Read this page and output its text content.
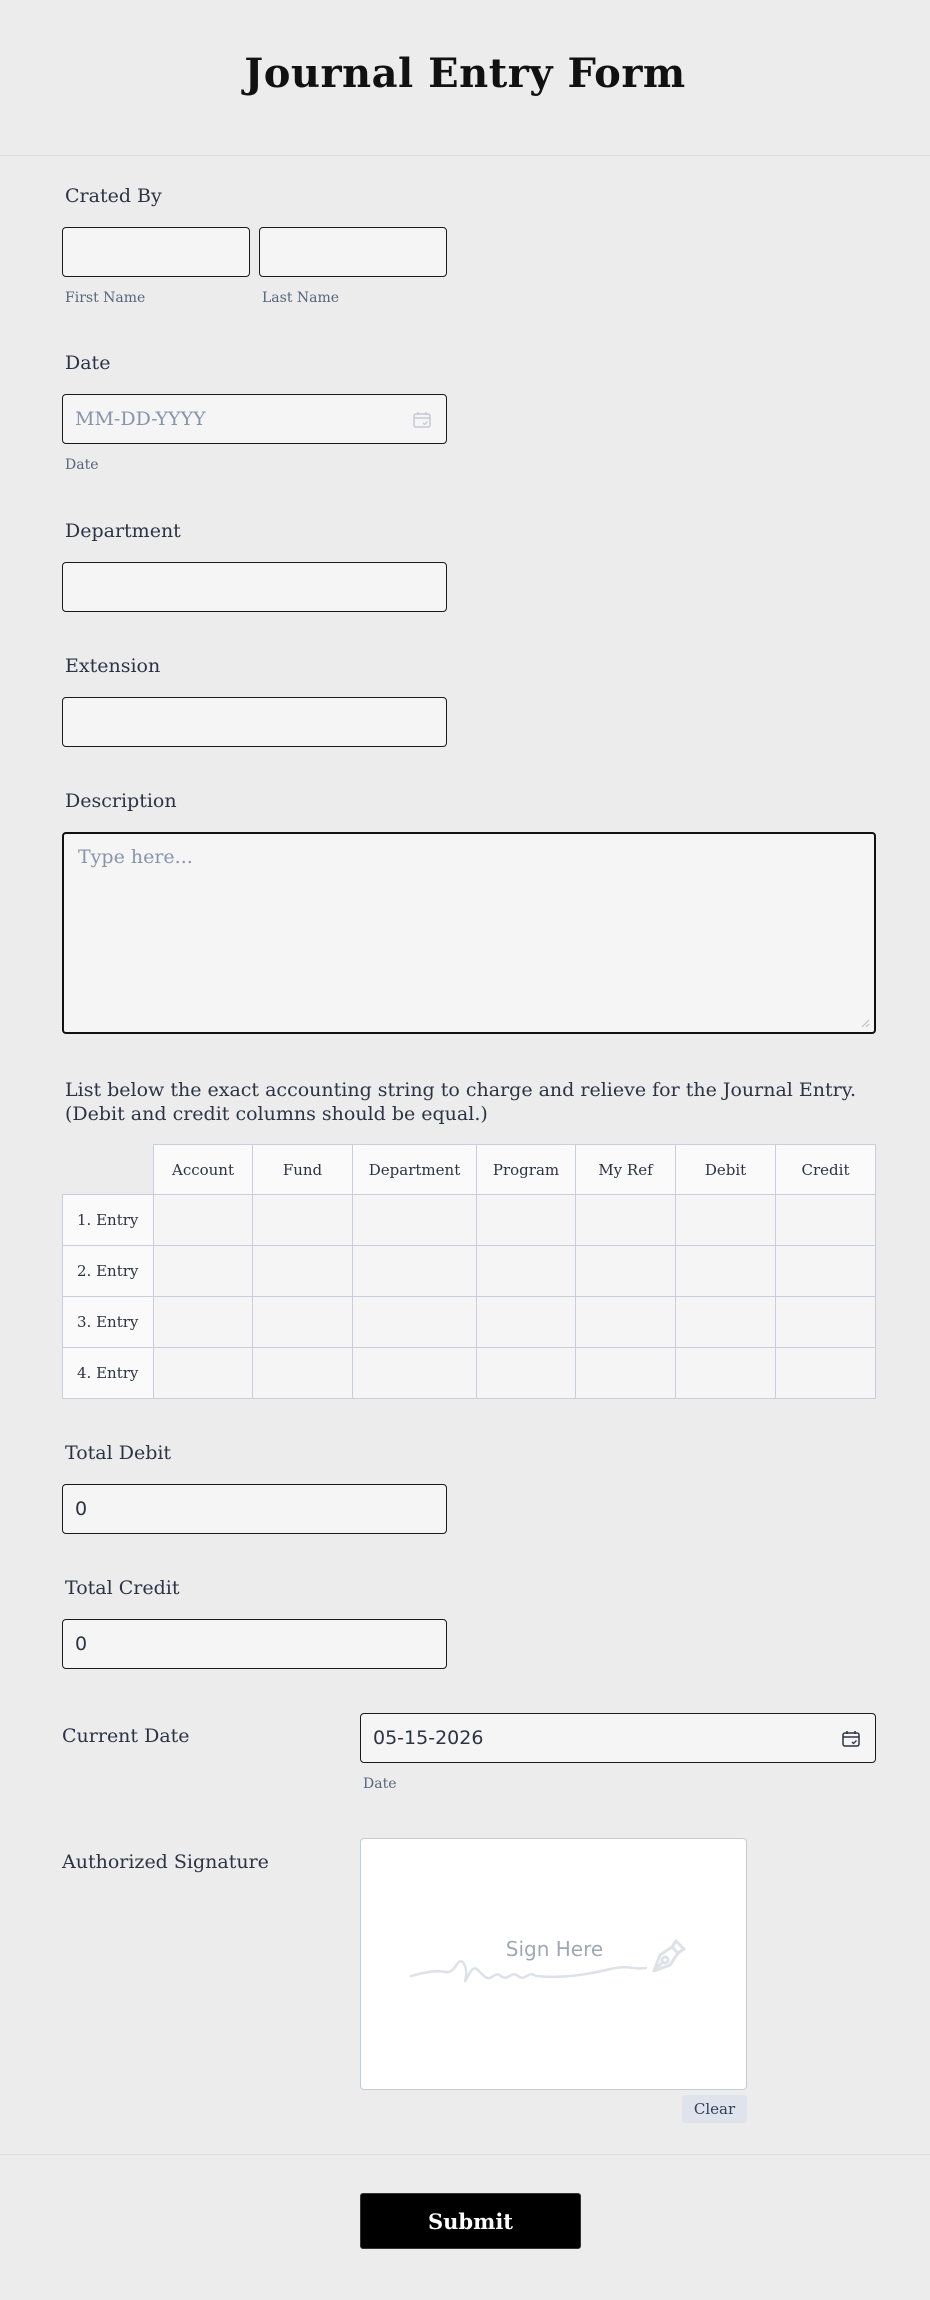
Journal Entry Form
Crated By
First Name	Last Name
Date
MM-DD-YYYY
Date
Department
Extension
Description
Type here...
List below the exact accounting string to charge and relieve for the Journal Entry. (Debit and credit columns should be equal.)
	Account	Fund	Department	Program	My Ref	Debit	Credit
1. Entry							
2. Entry							
3. Entry							
4. Entry							
Total Debit
0
Total Credit
0
Current Date	05-15-2026
Date
Authorized Signature
Sign Here
Clear
Submit
